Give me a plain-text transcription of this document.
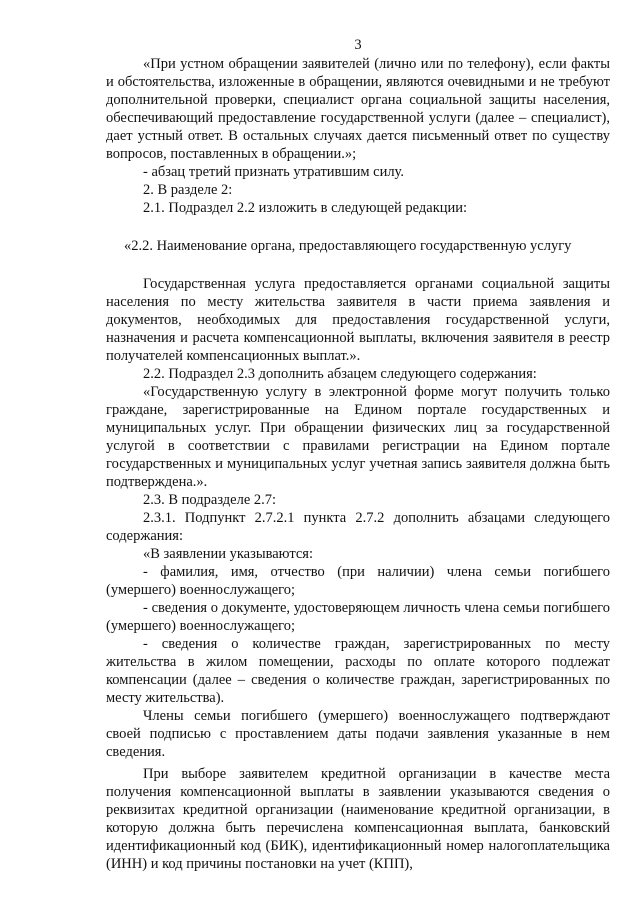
3

«При устном обращении заявителей (лично или по телефону), если факты и обстоятельства, изложенные в обращении, являются очевидными и не требуют дополнительной проверки, специалист органа социальной защиты населения, обеспечивающий предоставление государственной услуги (далее – специалист), дает устный ответ. В остальных случаях дается письменный ответ по существу вопросов, поставленных в обращении.»;

- абзац третий признать утратившим силу.

2. В разделе 2:

2.1. Подраздел 2.2 изложить в следующей редакции:

«2.2. Наименование органа, предоставляющего государственную услугу

Государственная услуга предоставляется органами социальной защиты населения по месту жительства заявителя в части приема заявления и документов, необходимых для предоставления государственной услуги, назначения и расчета компенсационной выплаты, включения заявителя в реестр получателей компенсационных выплат.».

2.2. Подраздел 2.3 дополнить абзацем следующего содержания:

«Государственную услугу в электронной форме могут получить только граждане, зарегистрированные на Едином портале государственных и муниципальных услуг. При обращении физических лиц за государственной услугой в соответствии с правилами регистрации на Едином портале государственных и муниципальных услуг учетная запись заявителя должна быть подтверждена.».

2.3. В подразделе 2.7:

2.3.1. Подпункт 2.7.2.1 пункта 2.7.2 дополнить абзацами следующего содержания:

«В заявлении указываются:

- фамилия, имя, отчество (при наличии) члена семьи погибшего (умершего) военнослужащего;

- сведения о документе, удостоверяющем личность члена семьи погибшего (умершего) военнослужащего;

- сведения о количестве граждан, зарегистрированных по месту жительства в жилом помещении, расходы по оплате которого подлежат компенсации (далее – сведения о количестве граждан, зарегистрированных по месту жительства).

Члены семьи погибшего (умершего) военнослужащего подтверждают своей подписью с проставлением даты подачи заявления указанные в нем сведения.

При выборе заявителем кредитной организации в качестве места получения компенсационной выплаты в заявлении указываются сведения о реквизитах кредитной организации (наименование кредитной организации, в которую должна быть перечислена компенсационная выплата, банковский идентификационный код (БИК), идентификационный номер налогоплательщика (ИНН) и код причины постановки на учет (КПП),
